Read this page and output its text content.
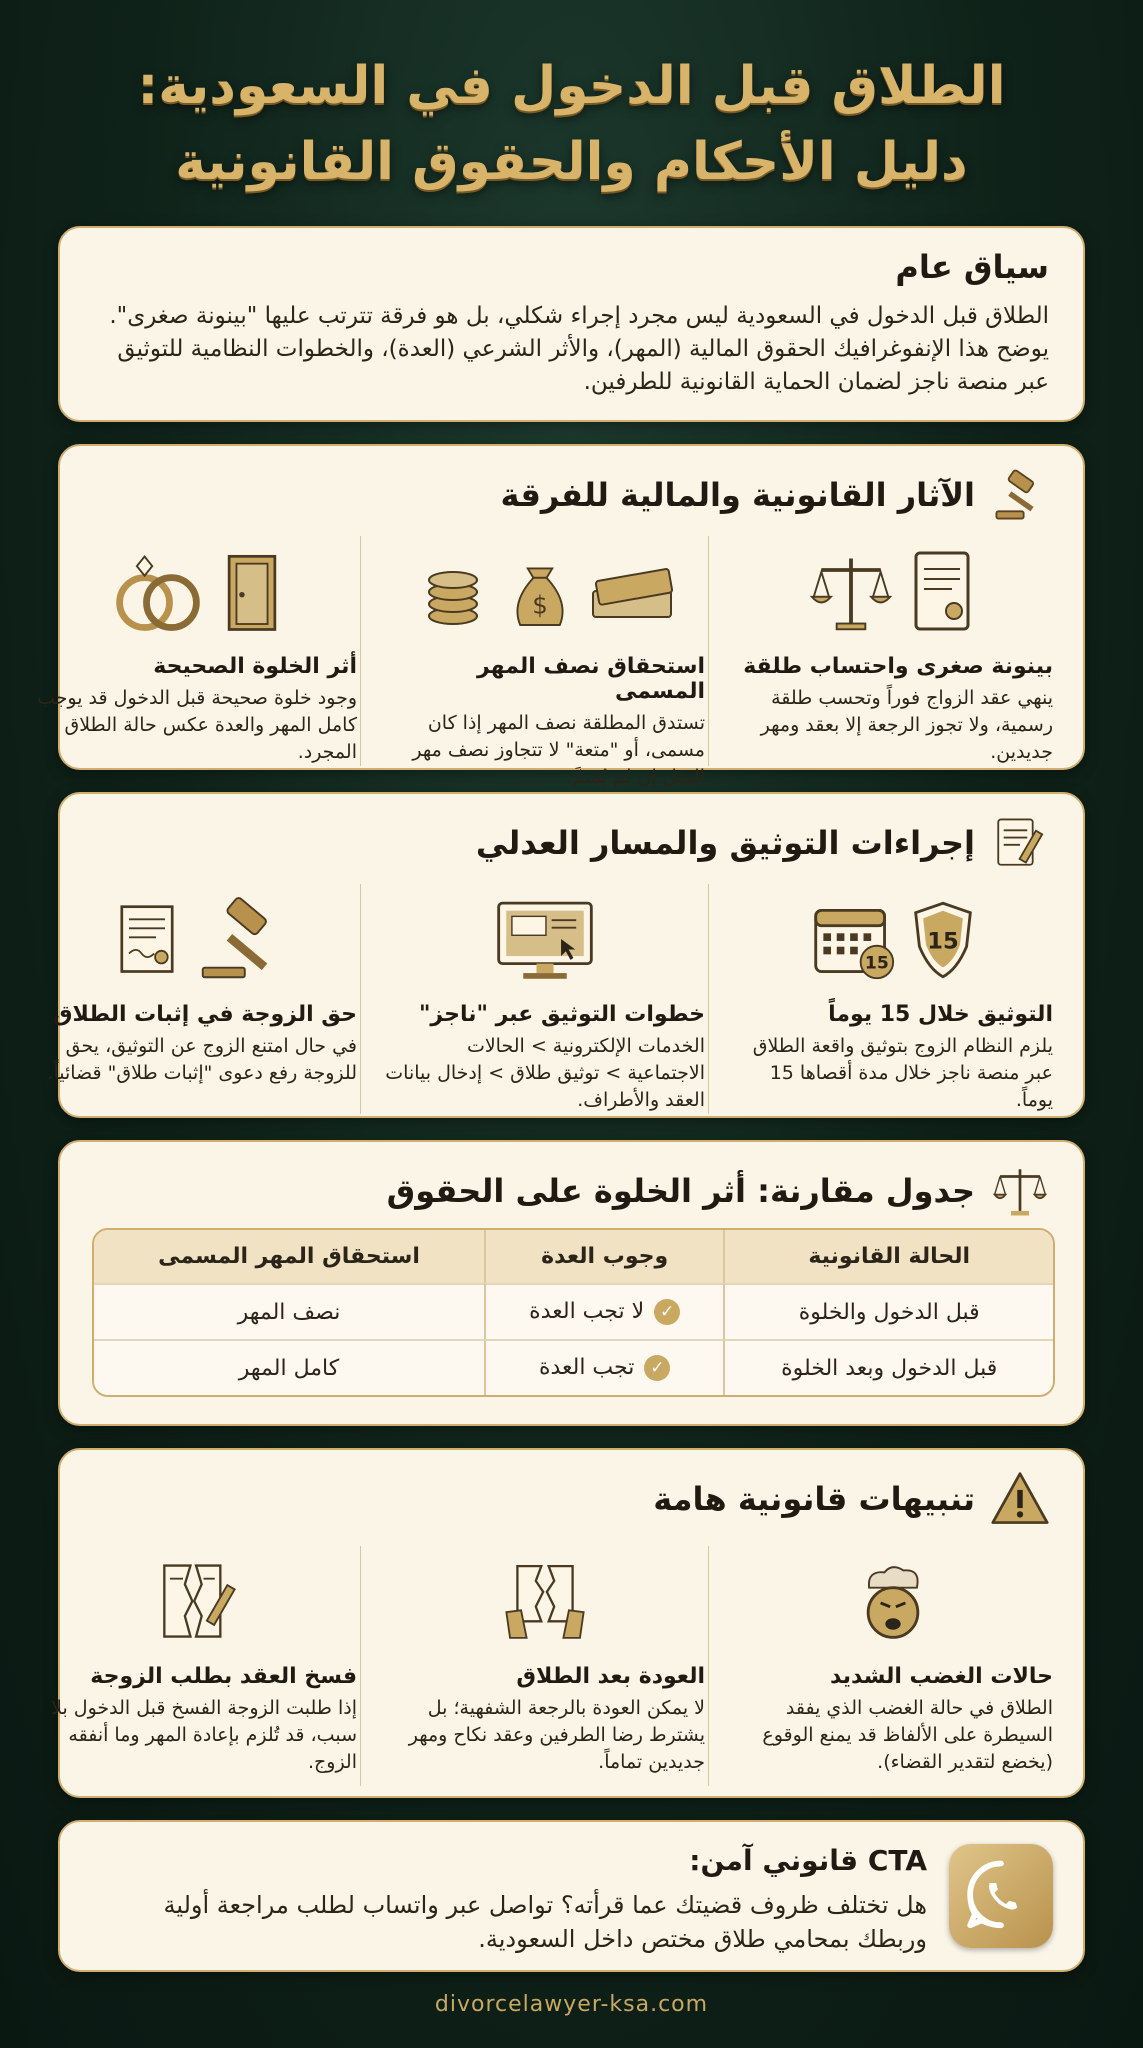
الطلاق قبل الدخول في السعودية:
دليل الأحكام والحقوق القانونية
سياق عام

الطلاق قبل الدخول في السعودية ليس مجرد إجراء شكلي، بل هو فرقة تترتب عليها "بينونة صغرى". يوضح هذا الإنفوغرافيك الحقوق المالية (المهر)، والأثر الشرعي (العدة)، والخطوات النظامية للتوثيق عبر منصة ناجز لضمان الحماية القانونية للطرفين.

الآثار القانونية والمالية للفرقة
بينونة صغرى واحتساب طلقة

ينهي عقد الزواج فوراً وتحسب طلقة رسمية، ولا تجوز الرجعة إلا بعقد ومهر جديدين.

$
استحقاق نصف المهر المسمى

تستدق المطلقة نصف المهر إذا كان مسمى، أو "متعة" لا تتجاوز نصف مهر المثل إن لم يُسمَّ.

أثر الخلوة الصحيحة

وجود خلوة صحيحة قبل الدخول قد يوجب كامل المهر والعدة عكس حالة الطلاق المجرد.

إجراءات التوثيق والمسار العدلي
15
15
التوثيق خلال 15 يوماً

يلزم النظام الزوج بتوثيق واقعة الطلاق عبر منصة ناجز خلال مدة أقصاها 15 يوماً.

خطوات التوثيق عبر "ناجز"

الخدمات الإلكترونية > الحالات الاجتماعية > توثيق طلاق > إدخال بيانات العقد والأطراف.

حق الزوجة في إثبات الطلاق

في حال امتنع الزوج عن التوثيق، يحق للزوجة رفع دعوى "إثبات طلاق" قضائياً.

جدول مقارنة: أثر الخلوة على الحقوق
الحالة القانونية	وجوب العدة	استحقاق المهر المسمى
قبل الدخول والخلوة	✓لا تجب العدة	نصف المهر
قبل الدخول وبعد الخلوة	✓تجب العدة	كامل المهر
تنبيهات قانونية هامة
حالات الغضب الشديد

الطلاق في حالة الغضب الذي يفقد السيطرة على الألفاظ قد يمنع الوقوع (يخضع لتقدير القضاء).

العودة بعد الطلاق

لا يمكن العودة بالرجعة الشفهية؛ بل يشترط رضا الطرفين وعقد نكاح ومهر جديدين تماماً.

فسخ العقد بطلب الزوجة

إذا طلبت الزوجة الفسخ قبل الدخول بلا سبب، قد تُلزم بإعادة المهر وما أنفقه الزوج.

CTA قانوني آمن:

هل تختلف ظروف قضيتك عما قرأته؟ تواصل عبر واتساب لطلب مراجعة أولية وربطك بمحامي طلاق مختص داخل السعودية.

divorcelawyer-ksa.com
